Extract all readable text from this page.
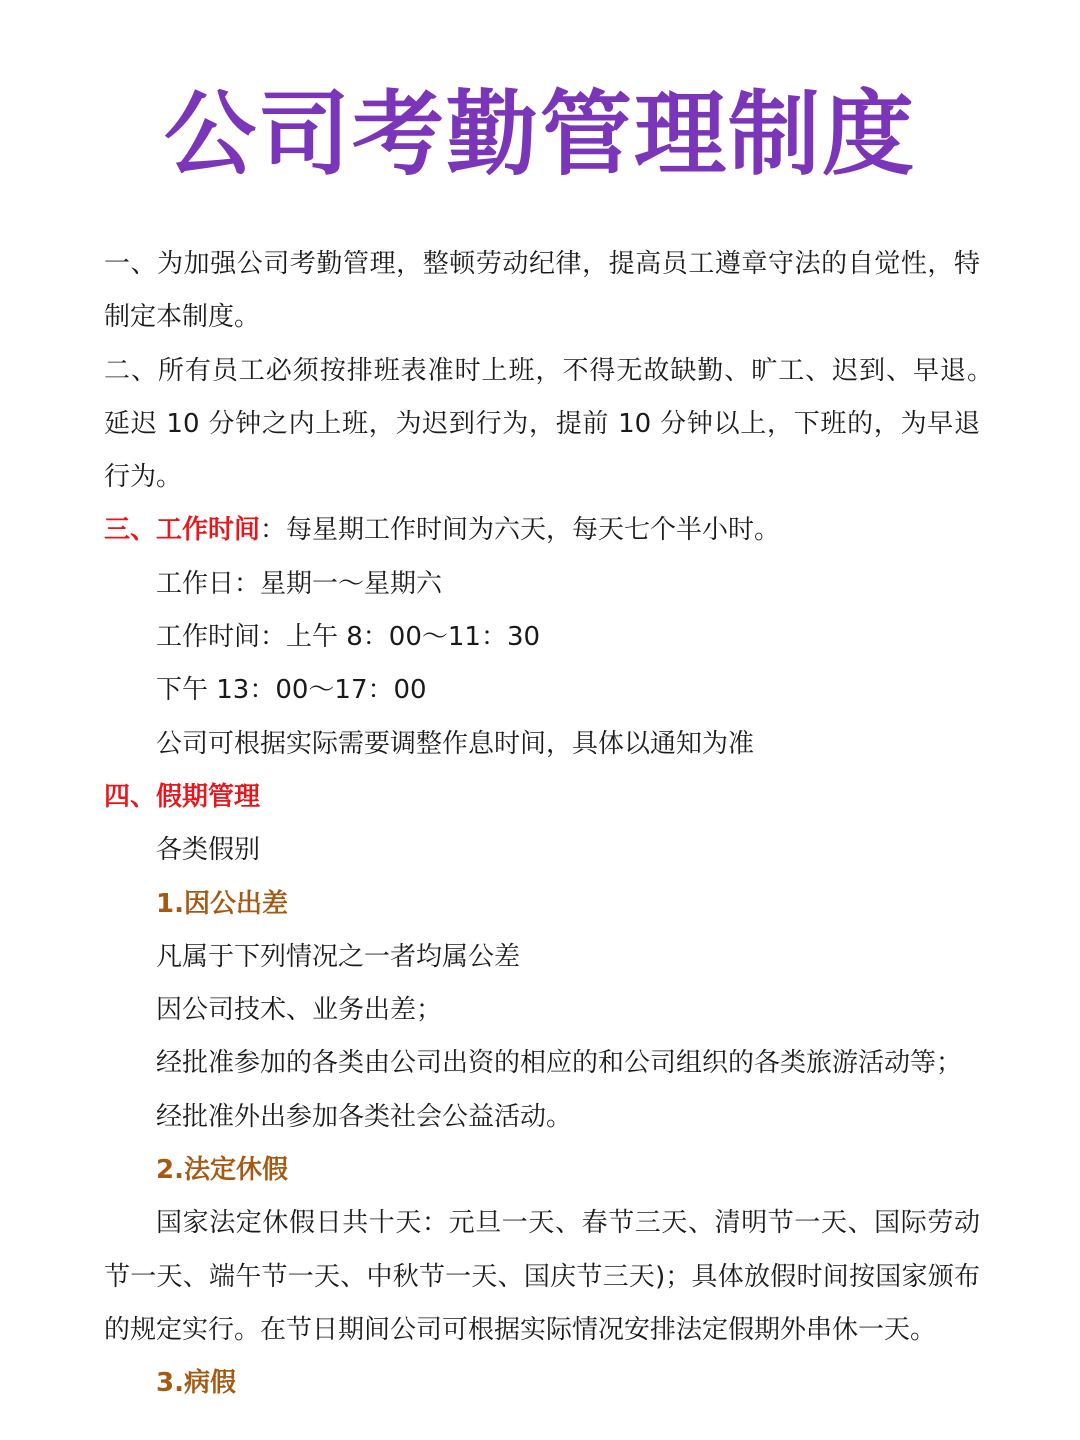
公司考勤管理制度

一、为加强公司考勤管理，整顿劳动纪律，提高员工遵章守法的自觉性，特制定本制度。

二、所有员工必须按排班表准时上班，不得无故缺勤、旷工、迟到、早退。　延迟 10 分钟之内上班，为迟到行为，提前 10 分钟以上，下班的，为早退行为。

三、工作时间：每星期工作时间为六天，每天七个半小时。

工作日：星期一～星期六

工作时间：上午 8：00～11：30

下午 13：00～17：00

公司可根据实际需要调整作息时间，具体以通知为准

四、假期管理

各类假别

1.因公出差

凡属于下列情况之一者均属公差

因公司技术、业务出差；

经批准参加的各类由公司出资的相应的和公司组织的各类旅游活动等；

经批准外出参加各类社会公益活动。

2.法定休假

国家法定休假日共十天：元旦一天、春节三天、清明节一天、国际劳动节一天、端午节一天、中秋节一天、国庆节三天)；具体放假时间按国家颁布的规定实行。在节日期间公司可根据实际情况安排法定假期外串休一天。

3.病假
